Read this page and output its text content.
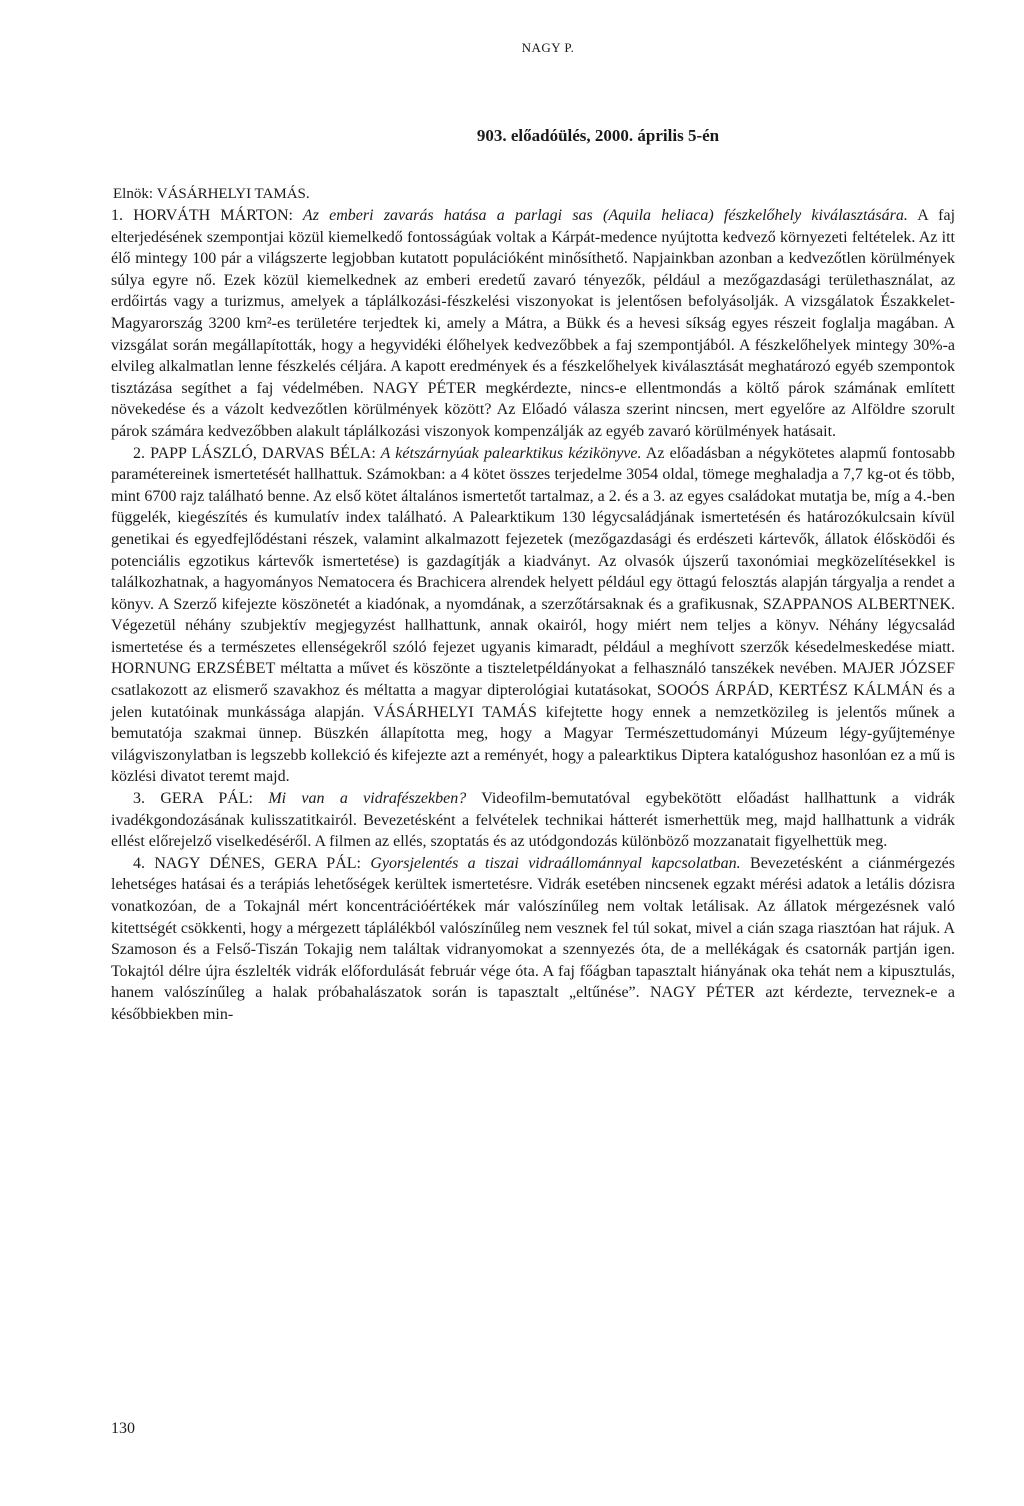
NAGY P.
903. előadóülés, 2000. április 5-én
Elnök: VÁSÁRHELYI TAMÁS.

1. HORVÁTH MÁRTON: Az emberi zavarás hatása a parlagi sas (Aquila heliaca) fészkelőhely kiválasztására. A faj elterjedésének szempontjai közül kiemelkedő fontosságúak voltak a Kárpát-medence nyújtotta kedvező környezeti feltételek. Az itt élő mintegy 100 pár a világszerte legjobban kutatott populációként minősíthető. Napjainkban azonban a kedvezőtlen körülmények súlya egyre nő. Ezek közül kiemelkednek az emberi eredetű zavaró tényezők, például a mezőgazdasági területhasználat, az erdőirtás vagy a turizmus, amelyek a táplálkozási-fészkelési viszonyokat is jelentősen befolyásolják. A vizsgálatok Északkelet-Magyarország 3200 km²-es területére terjedtek ki, amely a Mátra, a Bükk és a hevesi síkság egyes részeit foglalja magában. A vizsgálat során megállapították, hogy a hegyvidéki élőhelyek kedvezőbbek a faj szempontjából. A fészkelőhelyek mintegy 30%-a elvileg alkalmatlan lenne fészkelés céljára. A kapott eredmények és a fészkelőhelyek kiválasztását meghatározó egyéb szempontok tisztázása segíthet a faj védelmében. NAGY PÉTER megkérdezte, nincs-e ellentmondás a költő párok számának említett növekedése és a vázolt kedvezőtlen körülmények között? Az Előadó válasza szerint nincsen, mert egyelőre az Alföldre szorult párok számára kedvezőbben alakult táplálkozási viszonyok kompenzálják az egyéb zavaró körülmények hatásait.

2. PAPP LÁSZLÓ, DARVAS BÉLA: A kétszárnyúak palearktikus kézikönyve. Az előadásban a négykötetes alapmű fontosabb paramétereinek ismertetését hallhattuk. Számokban: a 4 kötet összes terjedelme 3054 oldal, tömege meghaladja a 7,7 kg-ot és több, mint 6700 rajz található benne. Az első kötet általános ismertetőt tartalmaz, a 2. és a 3. az egyes családokat mutatja be, míg a 4.-ben függelék, kiegészítés és kumulatív index található. A Palearktikum 130 légycsaládjának ismertetésén és határozókulcsain kívül genetikai és egyedfejlődéstani részek, valamint alkalmazott fejezetek (mezőgazdasági és erdészeti kártevők, állatok élősködői és potenciális egzotikus kártevők ismertetése) is gazdagítják a kiadványt. Az olvasók újszerű taxonómiai megközelítésekkel is találkozhatnak, a hagyományos Nematocera és Brachicera alrendek helyett például egy öttagú felosztás alapján tárgyalja a rendet a könyv. A Szerző kifejezte köszönetét a kiadónak, a nyomdának, a szerzőtársaknak és a grafikusnak, SZAPPANOS ALBERTNEK. Végezetül néhány szubjektív megjegyzést hallhattunk, annak okairól, hogy miért nem teljes a könyv. Néhány légycsalád ismertetése és a természetes ellenségekről szóló fejezet ugyanis kimaradt, például a meghívott szerzők késedelmeskedése miatt. HORNUNG ERZSÉBET méltatta a művet és köszönte a tiszteletpéldányokat a felhasználó tanszékek nevében. MAJER JÓZSEF csatlakozott az elismerő szavakhoz és méltatta a magyar dipterológiai kutatásokat, SOOÓS ÁRPÁD, KERTÉSZ KÁLMÁN és a jelen kutatóinak munkássága alapján. VÁSÁRHELYI TAMÁS kifejtette hogy ennek a nemzetközileg is jelentős műnek a bemutatója szakmai ünnep. Büszkén állapította meg, hogy a Magyar Természettudományi Múzeum légy-gyűjteménye világviszonylatban is legszebb kollekció és kifejezte azt a reményét, hogy a palearktikus Diptera katalógushoz hasonlóan ez a mű is közlési divatot teremt majd.

3. GERA PÁL: Mi van a vidrafészekben? Videofilm-bemutatóval egybekötött előadást hallhattunk a vidrák ivadékgondozásának kulisszatitkairól. Bevezetésként a felvételek technikai hátterét ismerhettük meg, majd hallhattunk a vidrák ellést előrejelző viselkedéséről. A filmen az ellés, szoptatás és az utódgondozás különböző mozzanatait figyelhettük meg.

4. NAGY DÉNES, GERA PÁL: Gyorsjelentés a tiszai vidraállománnyal kapcsolatban. Bevezetésként a ciánmérgezés lehetséges hatásai és a terápiás lehetőségek kerültek ismertetésre. Vidrák esetében nincsenek egzakt mérési adatok a letális dózisra vonatkozóan, de a Tokajnál mért koncentrációértékek már valószínűleg nem voltak letálisak. Az állatok mérgezésnek való kitettségét csökkenti, hogy a mérgezett táplálékból valószínűleg nem vesznek fel túl sokat, mivel a cián szaga riasztóan hat rájuk. A Szamoson és a Felső-Tiszán Tokajig nem találtak vidranyomokat a szennyezés óta, de a mellékágak és csatornák partján igen. Tokajtól délre újra észlelték vidrák előfordulását február vége óta. A faj főágban tapasztalt hiányának oka tehát nem a kipusztulás, hanem valószínűleg a halak próbahalászatok során is tapasztalt „eltűnése”. NAGY PÉTER azt kérdezte, terveznek-e a későbbiekben min-

130
